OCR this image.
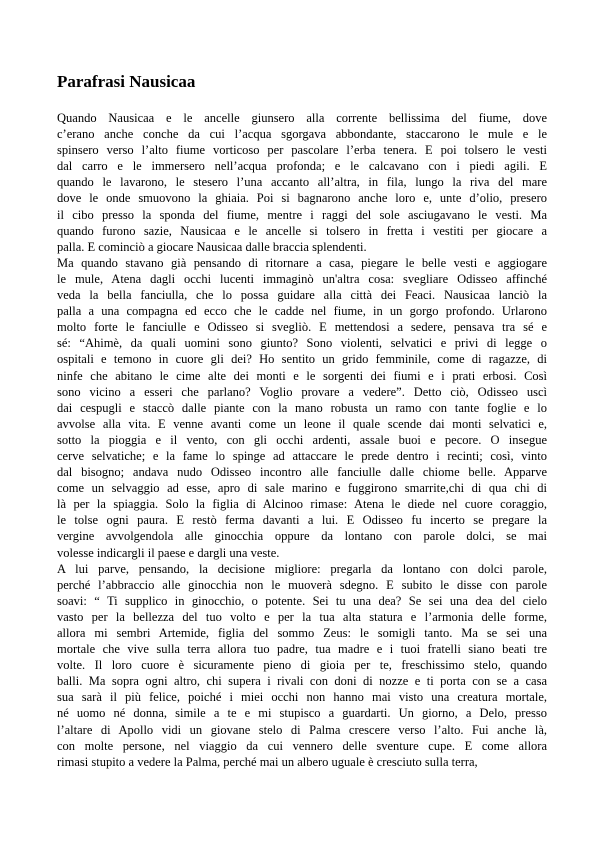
Parafrasi Nausicaa
Quando Nausicaa e le ancelle giunsero alla corrente bellissima del fiume, dove
c’erano anche conche da cui l’acqua sgorgava abbondante, staccarono le mule e le
spinsero verso l’alto fiume vorticoso per pascolare l’erba tenera. E poi tolsero le vesti
dal carro e le immersero nell’acqua profonda; e le calcavano con i piedi agili. E
quando le lavarono, le stesero l’una accanto all’altra, in fila, lungo la riva del mare
dove le onde smuovono la ghiaia. Poi si bagnarono anche loro e, unte d’olio, presero
il cibo presso la sponda del fiume, mentre i raggi del sole asciugavano le vesti. Ma
quando furono sazie, Nausicaa e le ancelle si tolsero in fretta i vestiti per giocare a
palla. E cominciò a giocare Nausicaa dalle braccia splendenti.
Ma quando stavano già pensando di ritornare a casa, piegare le belle vesti e aggiogare
le mule, Atena dagli occhi lucenti immaginò un'altra cosa: svegliare Odisseo affinché
veda la bella fanciulla, che lo possa guidare alla città dei Feaci. Nausicaa lanciò la
palla a una compagna ed ecco che le cadde nel fiume, in un gorgo profondo. Urlarono
molto forte le fanciulle e Odisseo si svegliò. E mettendosi a sedere, pensava tra sé e
sé: “Ahimè, da quali uomini sono giunto? Sono violenti, selvatici e privi di legge o
ospitali e temono in cuore gli dei? Ho sentito un grido femminile, come di ragazze, di
ninfe che abitano le cime alte dei monti e le sorgenti dei fiumi e i prati erbosi. Così
sono vicino a esseri che parlano? Voglio provare a vedere”. Detto ciò, Odisseo uscì
dai cespugli e staccò dalle piante con la mano robusta un ramo con tante foglie e lo
avvolse alla vita. E venne avanti come un leone il quale scende dai monti selvatici e,
sotto la pioggia e il vento, con gli occhi ardenti, assale buoi e pecore. O insegue
cerve selvatiche; e la fame lo spinge ad attaccare le prede dentro i recinti; così, vinto
dal bisogno; andava nudo Odisseo incontro alle fanciulle dalle chiome belle. Apparve
come un selvaggio ad esse, apro di sale marino e fuggirono smarrite,chi di qua chi di
là per la spiaggia. Solo la figlia di Alcinoo rimase: Atena le diede nel cuore coraggio,
le tolse ogni paura. E restò ferma davanti a lui. E Odisseo fu incerto se pregare la
vergine avvolgendola alle ginocchia oppure da lontano con parole dolci, se mai
volesse indicargli il paese e dargli una veste.
A lui parve, pensando, la decisione migliore: pregarla da lontano con dolci parole,
perché l’abbraccio alle ginocchia non le muoverà sdegno. E subito le disse con parole
soavi: “ Ti supplico in ginocchio, o potente. Sei tu una dea? Se sei una dea del cielo
vasto per la bellezza del tuo volto e per la tua alta statura e l’armonia delle forme,
allora mi sembri Artemide, figlia del sommo Zeus: le somigli tanto. Ma se sei una
mortale che vive sulla terra allora tuo padre, tua madre e i tuoi fratelli siano beati tre
volte. Il loro cuore è sicuramente pieno di gioia per te, freschissimo stelo, quando
balli. Ma sopra ogni altro, chi supera i rivali con doni di nozze e ti porta con se a casa
sua sarà il più felice, poiché i miei occhi non hanno mai visto una creatura mortale,
né uomo né donna, simile a te e mi stupisco a guardarti. Un giorno, a Delo, presso
l’altare di Apollo vidi un giovane stelo di Palma crescere verso l’alto. Fui anche là,
con molte persone, nel viaggio da cui vennero delle sventure cupe. E come allora
rimasi stupito a vedere la Palma, perché mai un albero uguale è cresciuto sulla terra,
